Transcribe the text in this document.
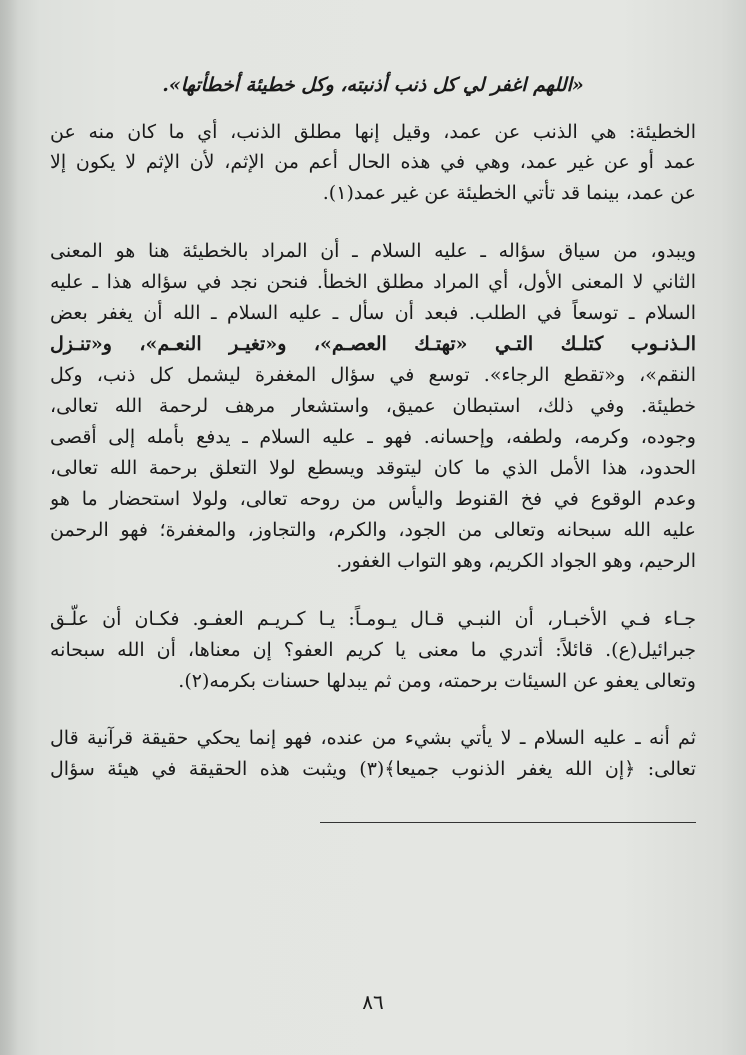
«اللهم اغفر لي كل ذنب أذنبته، وكل خطيئة أخطأتها».
الخطيئة: هي الذنب عن عمد، وقيل إنها مطلق الذنب، أي ما كان منه عن
عمد أو عن غير عمد، وهي في هذه الحال أعم من الإثم، لأن الإثم لا يكون إلا
عن عمد، بينما قد تأتي الخطيئة عن غير عمد(١).
ويبدو، من سياق سؤاله ـ عليه السلام ـ أن المراد بالخطيئة هنا هو المعنى
الثاني لا المعنى الأول، أي المراد مطلق الخطأ. فنحن نجد في سؤاله هذا ـ عليه
السلام ـ توسعاً في الطلب. فبعد أن سأل ـ عليه السلام ـ الله أن يغفر بعض
الـذنـوب كتلـك التـي «تهتـك العصـم»، و«تغيـر النعـم»، و«تنـزل
النقم»، و«تقطع الرجاء». توسع في سؤال المغفرة ليشمل كل ذنب، وكل
خطيئة. وفي ذلك، استبطان عميق، واستشعار مرهف لرحمة الله تعالى،
وجوده، وكرمه، ولطفه، وإحسانه. فهو ـ عليه السلام ـ يدفع بأمله إلى أقصى
الحدود، هذا الأمل الذي ما كان ليتوقد ويسطع لولا التعلق برحمة الله تعالى،
وعدم الوقوع في فخ القنوط واليأس من روحه تعالى، ولولا استحضار ما هو
عليه الله سبحانه وتعالى من الجود، والكرم، والتجاوز، والمغفرة؛ فهو الرحمن
الرحيم، وهو الجواد الكريم، وهو التواب الغفور.
جـاء فـي الأخبـار، أن النبـي قـال يـومـاً: يـا كـريـم العفـو. فكـان أن علّـق
جبرائيل(ع). قائلاً: أتدري ما معنى يا كريم العفو؟ إن معناها، أن الله سبحانه
وتعالى يعفو عن السيئات برحمته، ومن ثم يبدلها حسنات بكرمه(٢).
ثم أنه ـ عليه السلام ـ لا يأتي بشيء من عنده، فهو إنما يحكي حقيقة قرآنية قال
تعالى: ﴿إن الله يغفر الذنوب جميعا﴾(٣) ويثبت هذه الحقيقة في هيئة سؤال
٨٦
